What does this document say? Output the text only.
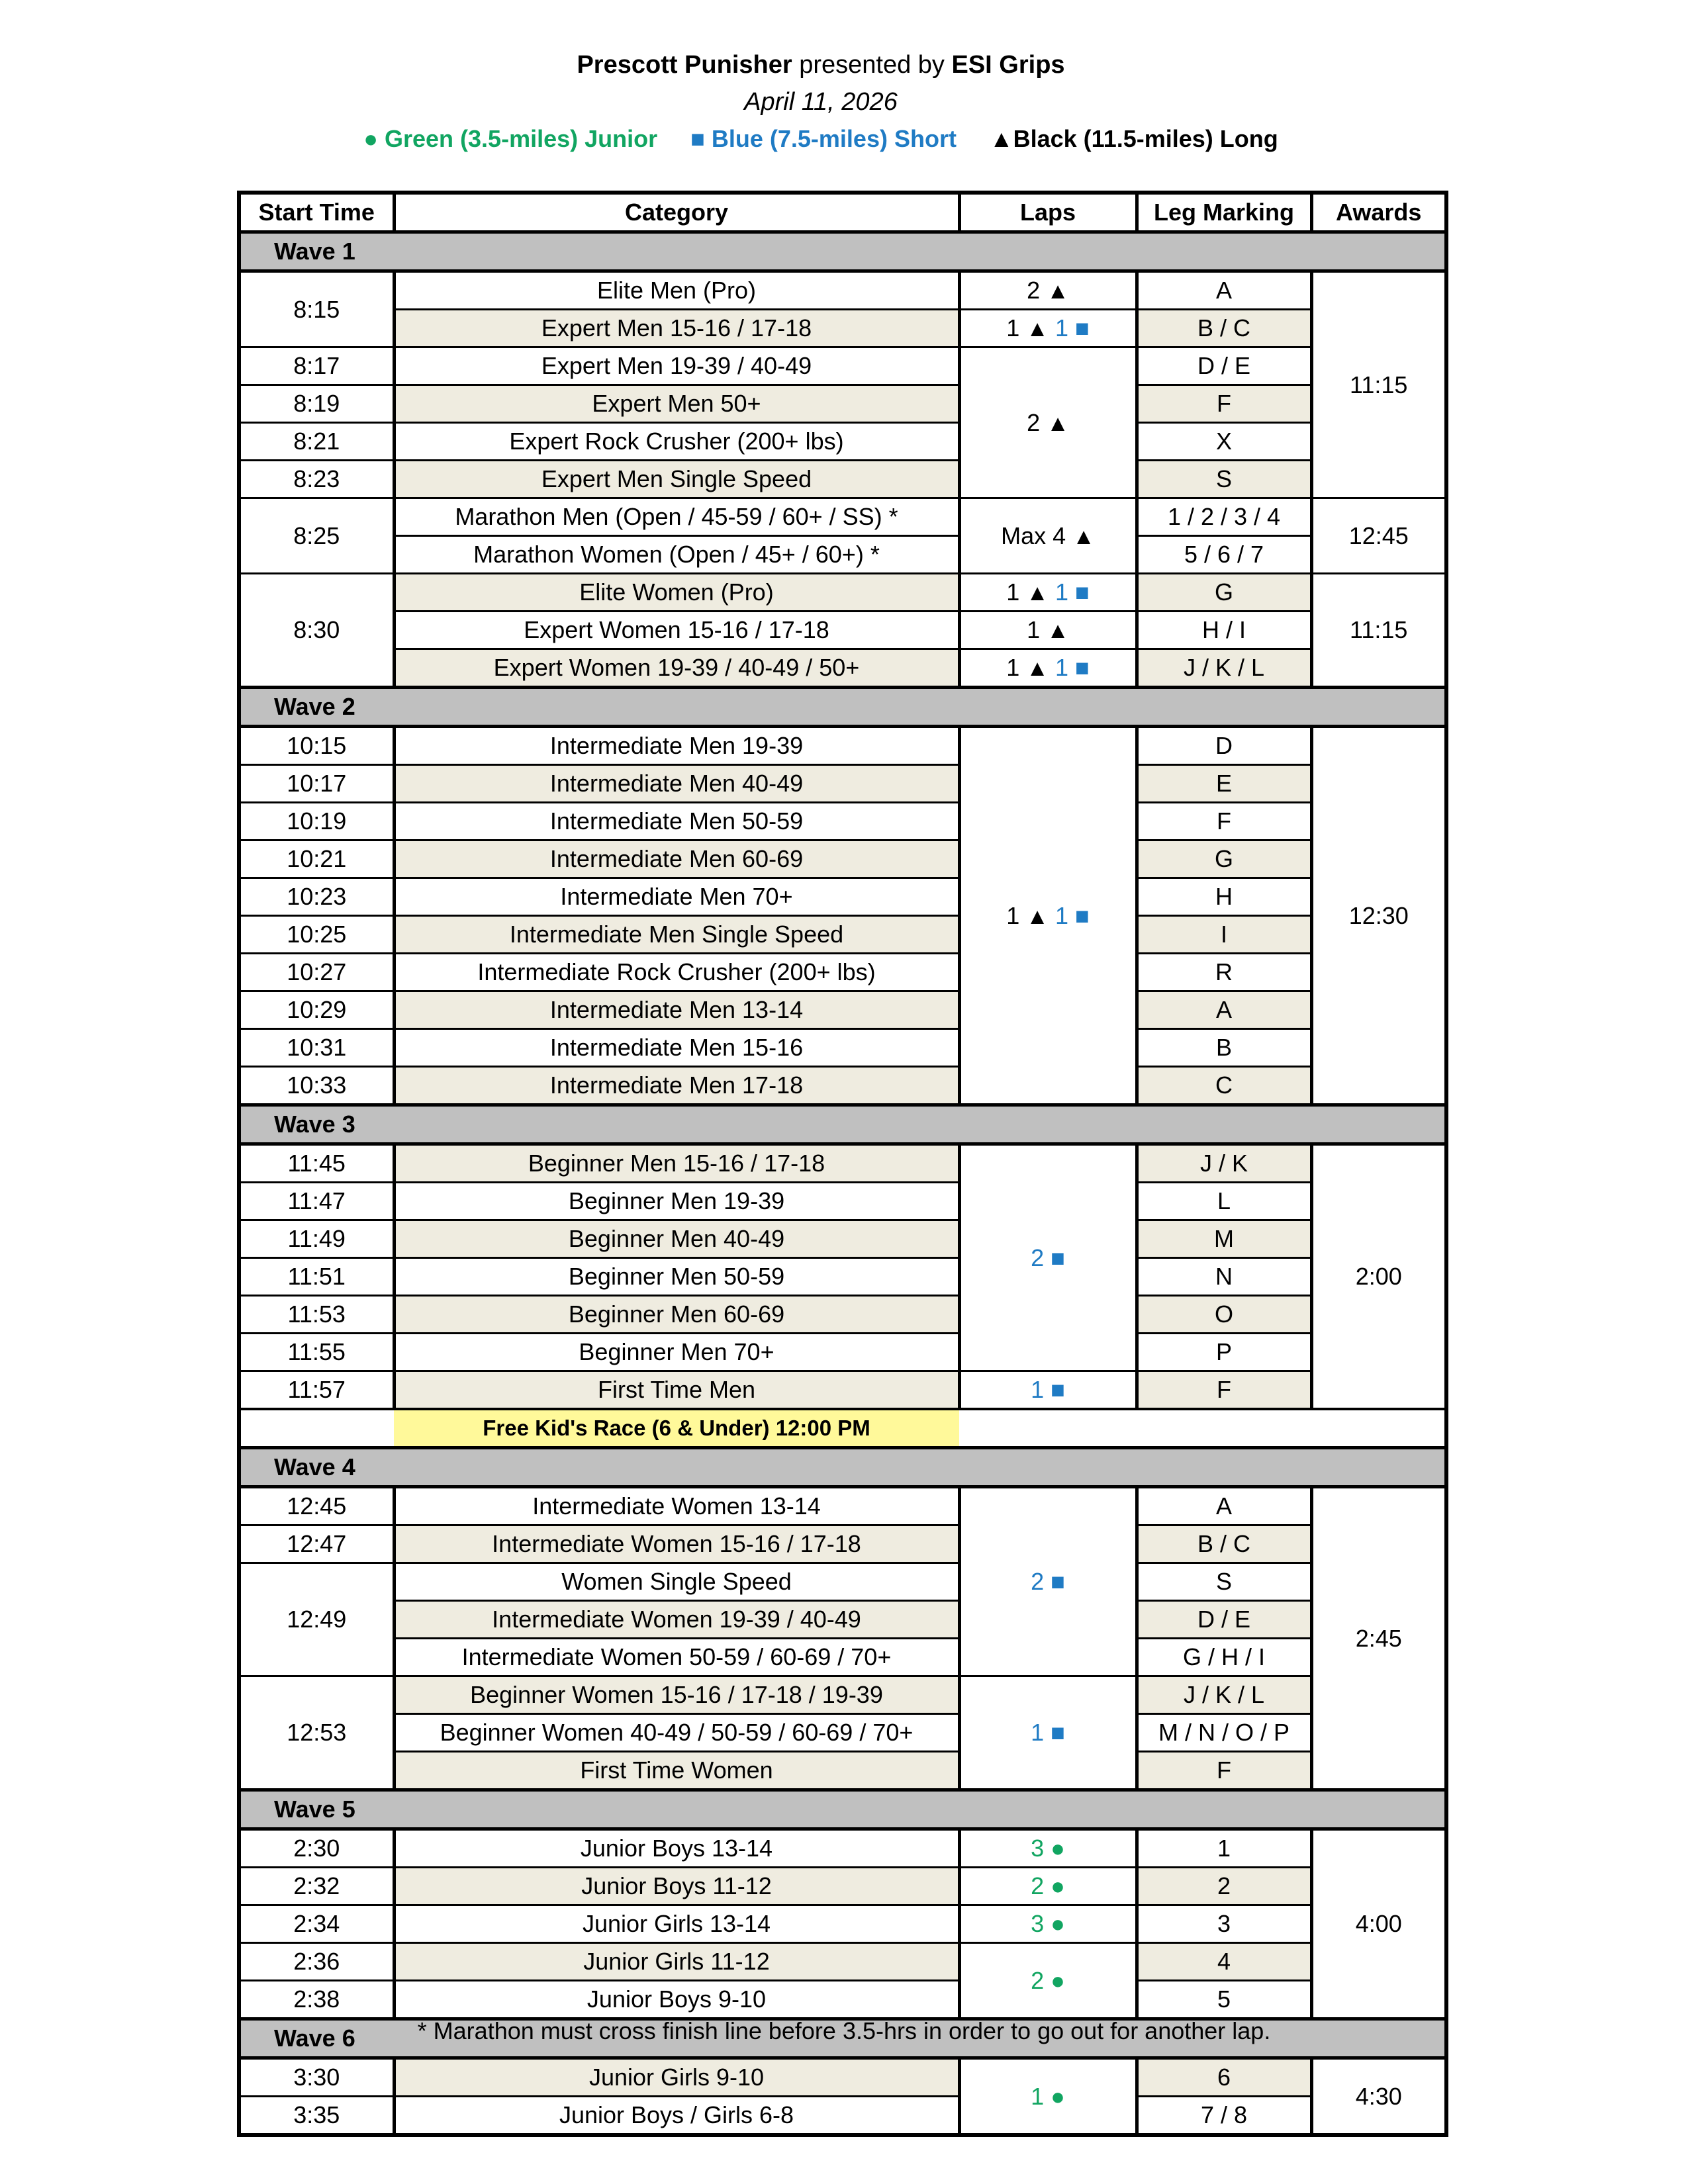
Prescott Punisher presented by ESI Grips
April 11, 2026
● Green (3.5-miles) Junior ■ Blue (7.5-miles) Short ▲Black (11.5-miles) Long
Start Time	Category	Laps	Leg Marking	Awards
Wave 1				
8:15	Elite Men (Pro)	2 ▲	A	11:15
	Expert Men 15-16 / 17-18	1 ▲ 1 ■	B / C	
8:17	Expert Men 19-39 / 40-49	2 ▲	D / E	
8:19	Expert Men 50+		F	
8:21	Expert Rock Crusher (200+ lbs)		X	
8:23	Expert Men Single Speed		S	
8:25	Marathon Men (Open / 45-59 / 60+ / SS) *	Max 4 ▲	1 / 2 / 3 / 4	12:45
	Marathon Women (Open / 45+ / 60+) *		5 / 6 / 7	
8:30	Elite Women (Pro)	1 ▲ 1 ■	G	11:15
	Expert Women 15-16 / 17-18	1 ▲	H / I	
	Expert Women 19-39 / 40-49 / 50+	1 ▲ 1 ■	J / K / L	
Wave 2				
10:15	Intermediate Men 19-39	1 ▲ 1 ■	D	12:30
10:17	Intermediate Men 40-49		E	
10:19	Intermediate Men 50-59		F	
10:21	Intermediate Men 60-69		G	
10:23	Intermediate Men 70+		H	
10:25	Intermediate Men Single Speed		I	
10:27	Intermediate Rock Crusher (200+ lbs)		R	
10:29	Intermediate Men 13-14		A	
10:31	Intermediate Men 15-16		B	
10:33	Intermediate Men 17-18		C	
Wave 3				
11:45	Beginner Men 15-16 / 17-18	2 ■	J / K	2:00
11:47	Beginner Men 19-39		L	
11:49	Beginner Men 40-49		M	
11:51	Beginner Men 50-59		N	
11:53	Beginner Men 60-69		O	
11:55	Beginner Men 70+		P	
11:57	First Time Men	1 ■	F	
	Free Kid's Race (6 & Under) 12:00 PM			
Wave 4				
12:45	Intermediate Women 13-14	2 ■	A	2:45
12:47	Intermediate Women 15-16 / 17-18		B / C	
12:49	Women Single Speed		S	
	Intermediate Women 19-39 / 40-49		D / E	
	Intermediate Women 50-59 / 60-69 / 70+		G / H / I	
12:53	Beginner Women 15-16 / 17-18 / 19-39	1 ■	J / K / L	
	Beginner Women 40-49 / 50-59 / 60-69 / 70+		M / N / O / P	
	First Time Women		F	
Wave 5				
2:30	Junior Boys 13-14	3 ●	1	4:00
2:32	Junior Boys 11-12	2 ●	2	
2:34	Junior Girls 13-14	3 ●	3	
2:36	Junior Girls 11-12	2 ●	4	
2:38	Junior Boys 9-10		5	
Wave 6				
3:30	Junior Girls 9-10	1 ●	6	4:30
3:35	Junior Boys / Girls 6-8		7 / 8	
* Marathon must cross finish line before 3.5-hrs in order to go out for another lap.
